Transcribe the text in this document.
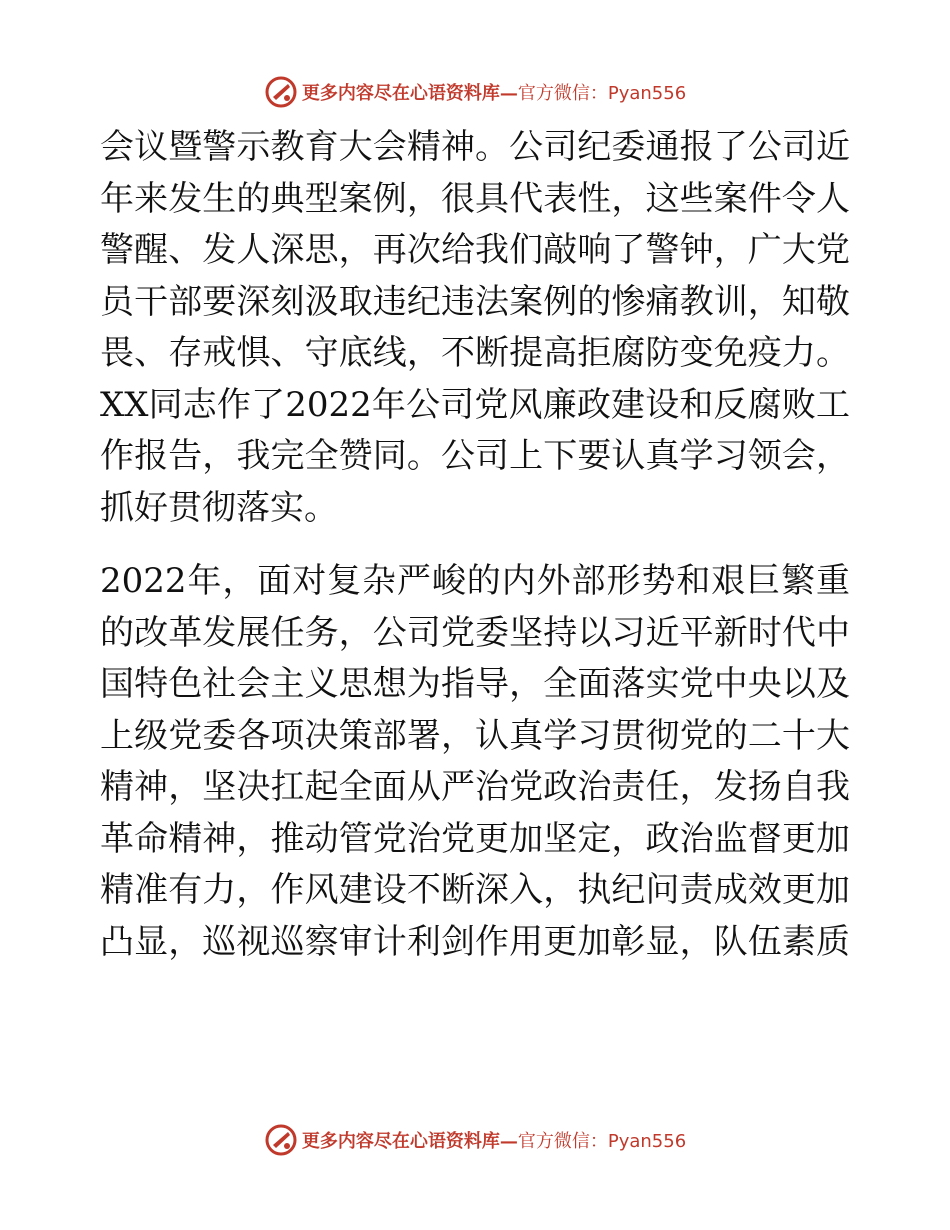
更多内容尽在心语资料库— 官方微信：Pyan556
会议暨警示教育大会精神。公司纪委通报了公司近
年来发生的典型案例，很具代表性，这些案件令人
警醒、发人深思，再次给我们敲响了警钟，广大党
员干部要深刻汲取违纪违法案例的惨痛教训，知敬
畏、存戒惧、守底线，不断提高拒腐防变免疫力。
XX同志作了2022年公司党风廉政建设和反腐败工
作报告，我完全赞同。公司上下要认真学习领会，
抓好贯彻落实。
2022年，面对复杂严峻的内外部形势和艰巨繁重
的改革发展任务，公司党委坚持以习近平新时代中
国特色社会主义思想为指导，全面落实党中央以及
上级党委各项决策部署，认真学习贯彻党的二十大
精神，坚决扛起全面从严治党政治责任，发扬自我
革命精神，推动管党治党更加坚定，政治监督更加
精准有力，作风建设不断深入，执纪问责成效更加
凸显，巡视巡察审计利剑作用更加彰显，队伍素质
更多内容尽在心语资料库— 官方微信：Pyan556
